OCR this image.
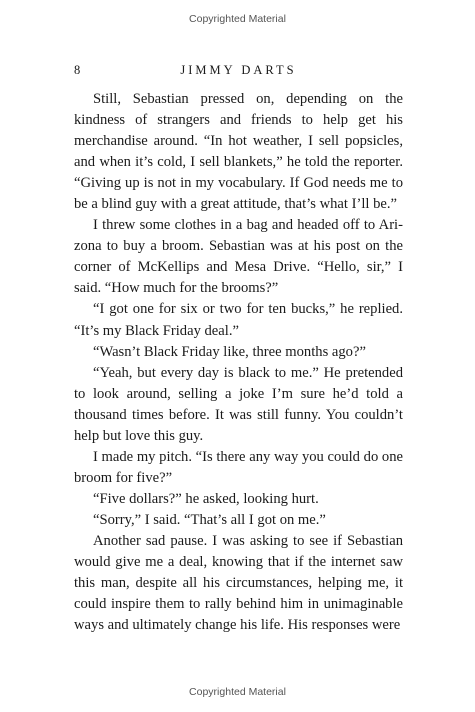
Copyrighted Material
8	JIMMY DARTS

Still, Sebastian pressed on, depending on the kindness of strangers and friends to help get his merchandise around. “In hot weather, I sell popsicles, and when it’s cold, I sell blankets,” he told the reporter. “Giving up is not in my vocabulary. If God needs me to be a blind guy with a great attitude, that’s what I’ll be.”

I threw some clothes in a bag and headed off to Arizona to buy a broom. Sebastian was at his post on the corner of McKellips and Mesa Drive. “Hello, sir,” I said. “How much for the brooms?”

“I got one for six or two for ten bucks,” he replied. “It’s my Black Friday deal.”

“Wasn’t Black Friday like, three months ago?”

“Yeah, but every day is black to me.” He pretended to look around, selling a joke I’m sure he’d told a thousand times before. It was still funny. You couldn’t help but love this guy.

I made my pitch. “Is there any way you could do one broom for five?”

“Five dollars?” he asked, looking hurt.

“Sorry,” I said. “That’s all I got on me.”

Another sad pause. I was asking to see if Sebastian would give me a deal, knowing that if the internet saw this man, despite all his circumstances, helping me, it could inspire them to rally behind him in unimaginable ways and ultimately change his life. His responses were

Copyrighted Material
